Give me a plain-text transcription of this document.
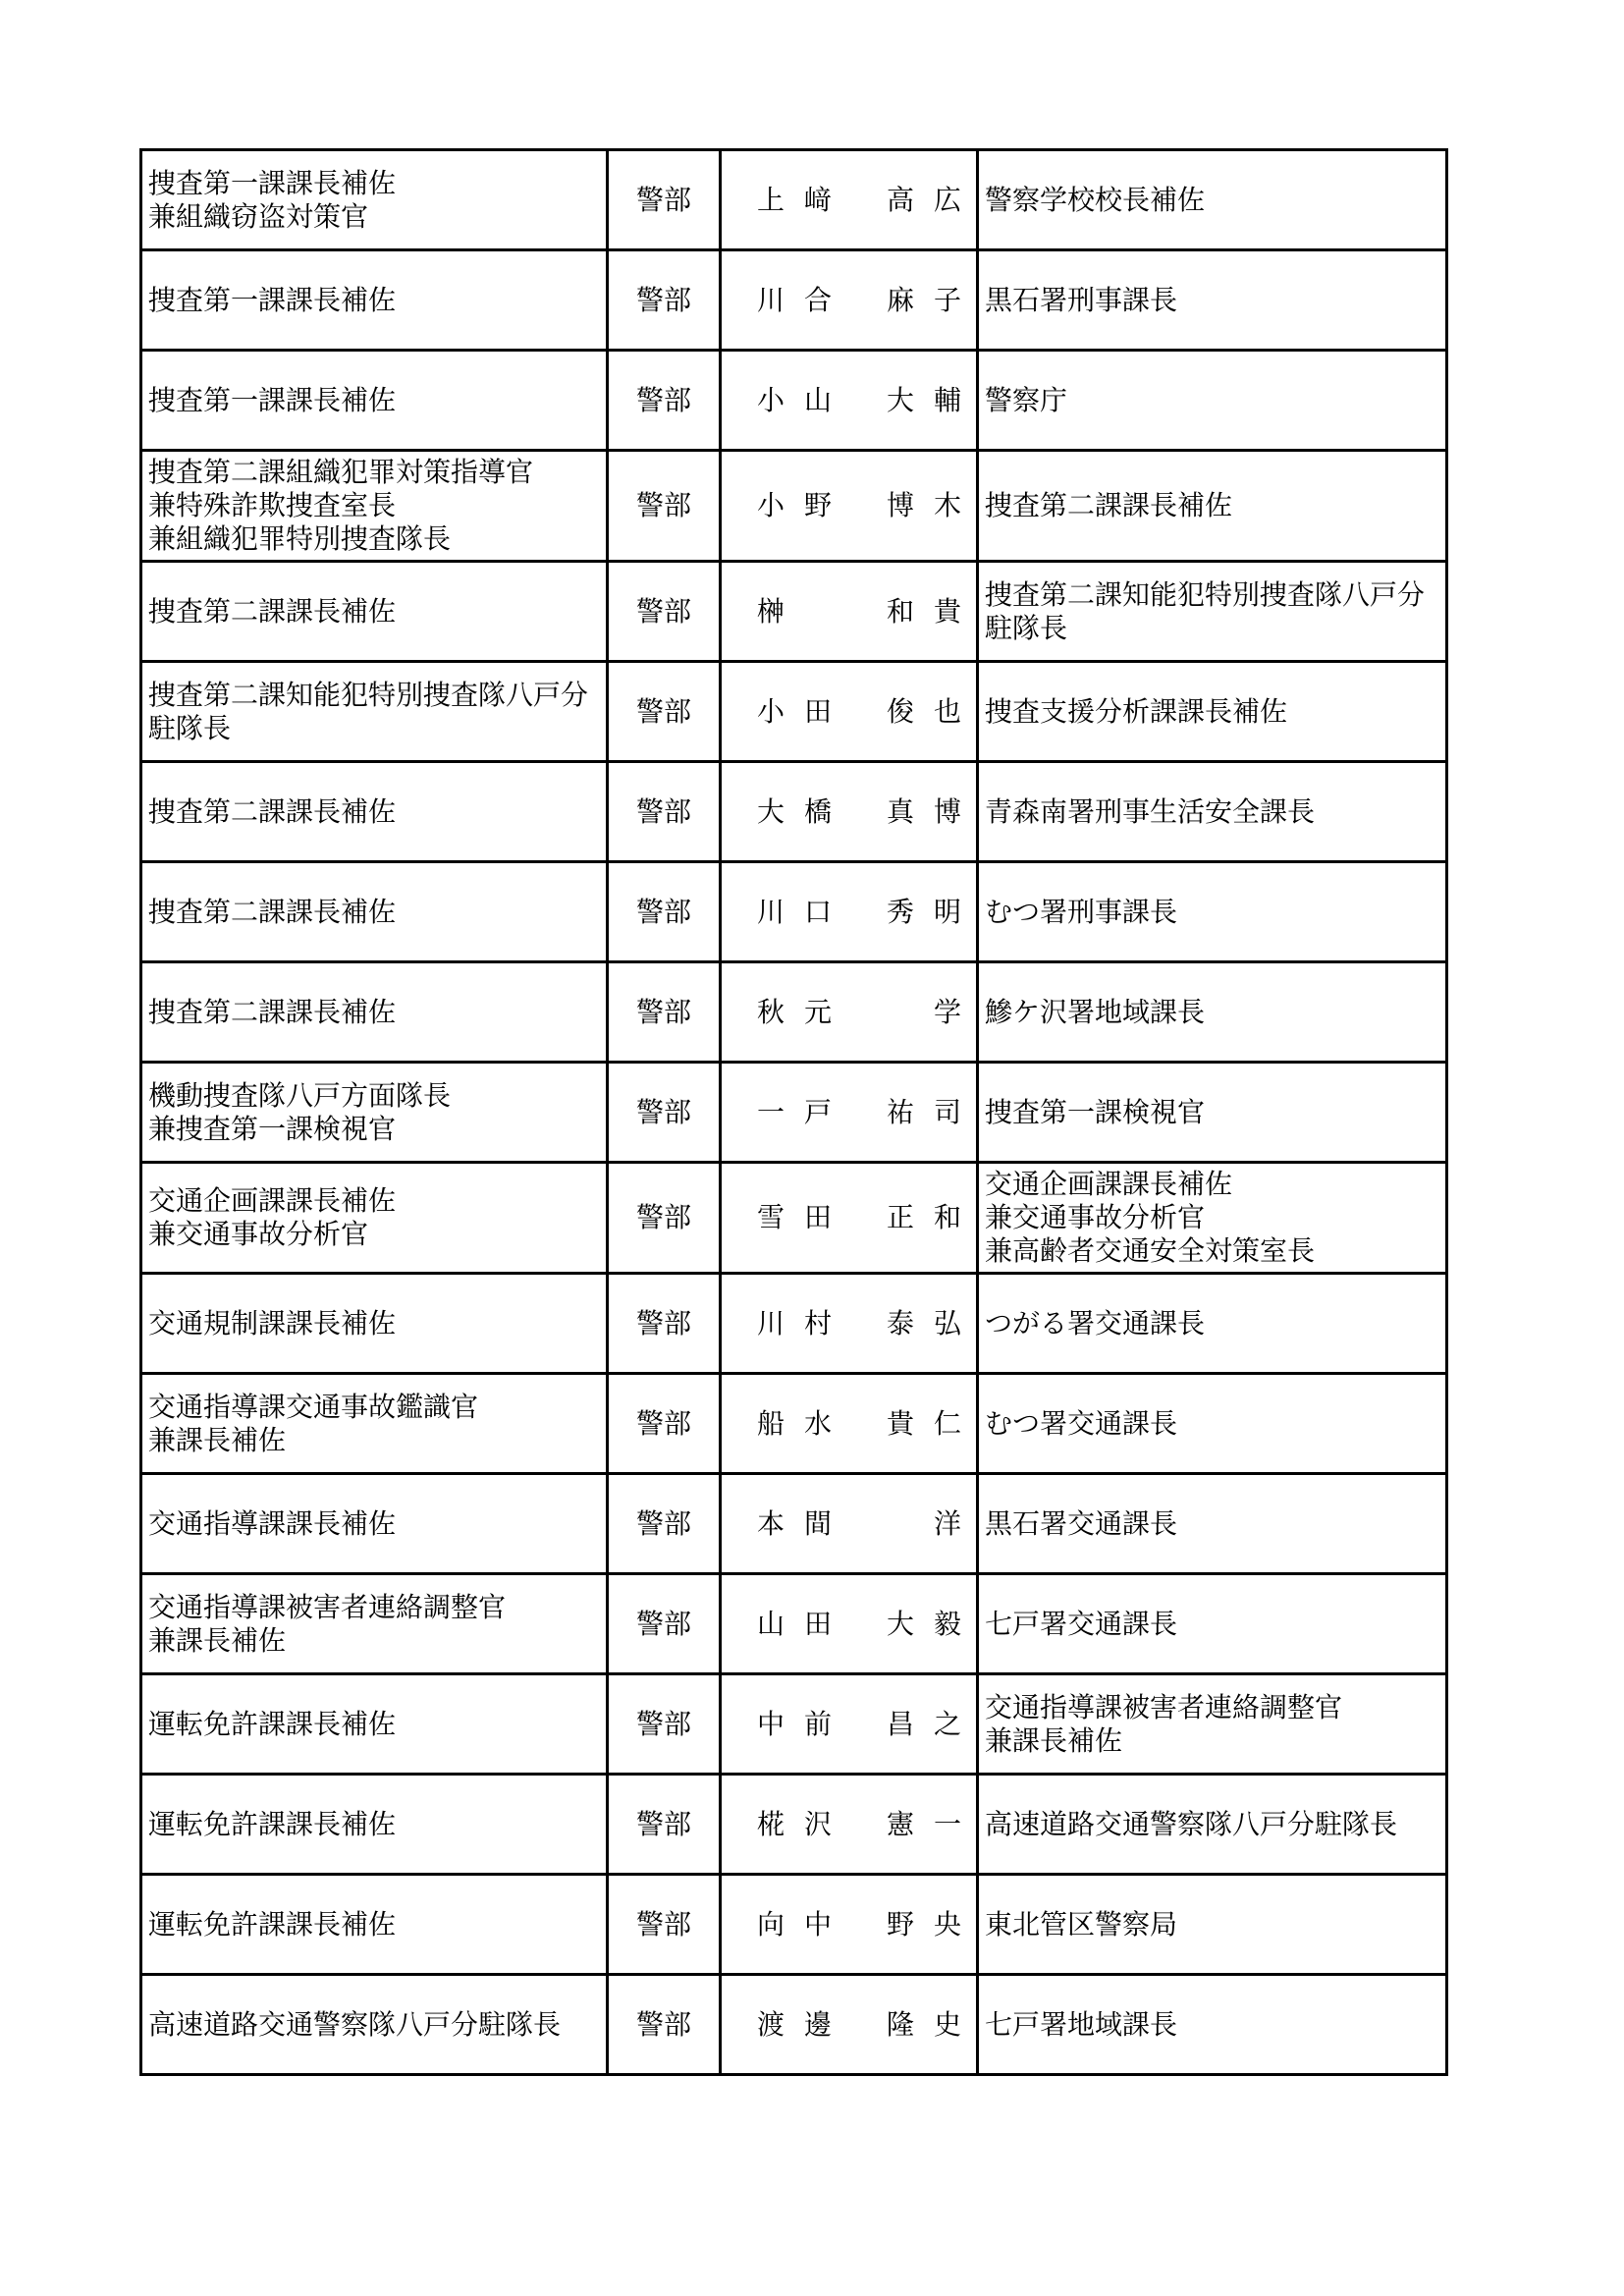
捜査第一課課長補佐
兼組織窃盗対策官	警部	上 﨑 高 広	警察学校校長補佐

捜査第一課課長補佐	警部	川 合 麻 子	黒石署刑事課長

捜査第一課課長補佐	警部	小 山 大 輔	警察庁

捜査第二課組織犯罪対策指導官
兼特殊詐欺捜査室長
兼組織犯罪特別捜査隊長	警部	小 野 博 木	捜査第二課課長補佐

捜査第二課課長補佐	警部	榊 和 貴	捜査第二課知能犯特別捜査隊八戸分駐隊長

捜査第二課知能犯特別捜査隊八戸分駐隊長	警部	小 田 俊 也	捜査支援分析課課長補佐

捜査第二課課長補佐	警部	大 橋 真 博	青森南署刑事生活安全課長

捜査第二課課長補佐	警部	川 口 秀 明	むつ署刑事課長

捜査第二課課長補佐	警部	秋 元 学	鰺ケ沢署地域課長

機動捜査隊八戸方面隊長
兼捜査第一課検視官	警部	一 戸 祐 司	捜査第一課検視官

交通企画課課長補佐
兼交通事故分析官	警部	雪 田 正 和	交通企画課課長補佐
兼交通事故分析官
兼高齢者交通安全対策室長

交通規制課課長補佐	警部	川 村 泰 弘	つがる署交通課長

交通指導課交通事故鑑識官
兼課長補佐	警部	船 水 貴 仁	むつ署交通課長

交通指導課課長補佐	警部	本 間 洋	黒石署交通課長

交通指導課被害者連絡調整官
兼課長補佐	警部	山 田 大 毅	七戸署交通課長

運転免許課課長補佐	警部	中 前 昌 之	交通指導課被害者連絡調整官
兼課長補佐

運転免許課課長補佐	警部	椛 沢 憲 一	高速道路交通警察隊八戸分駐隊長

運転免許課課長補佐	警部	向 中 野 央	東北管区警察局

高速道路交通警察隊八戸分駐隊長	警部	渡 邊 隆 史	七戸署地域課長
